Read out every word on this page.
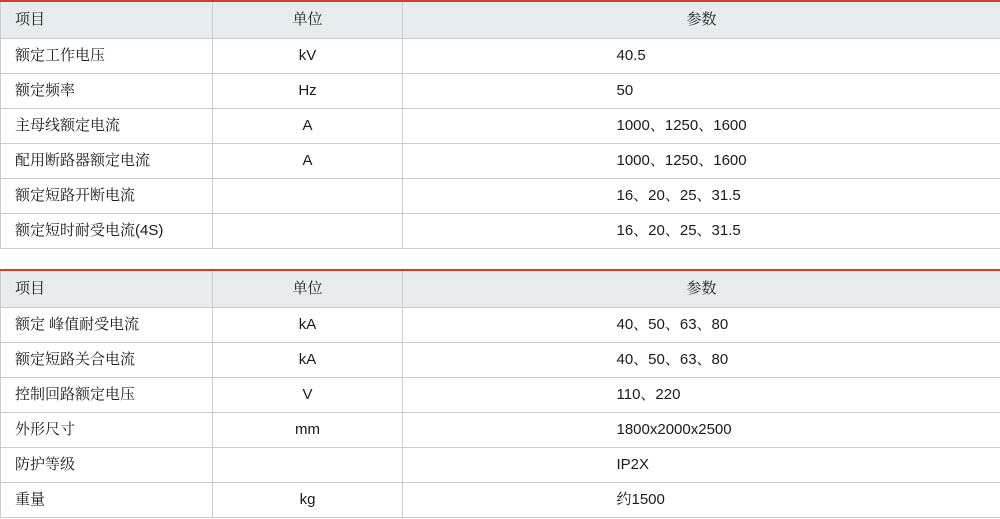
项目	单位	参数
额定工作电压	kV	40.5
额定频率	Hz	50
主母线额定电流	A	1000、1250、1600
配用断路器额定电流	A	1000、1250、1600
额定短路开断电流		16、20、25、31.5
额定短时耐受电流(4S)		16、20、25、31.5
项目	单位	参数
额定 峰值耐受电流	kA	40、50、63、80
额定短路关合电流	kA	40、50、63、80
控制回路额定电压	V	110、220
外形尺寸	mm	1800x2000x2500
防护等级		IP2X
重量	kg	约1500
